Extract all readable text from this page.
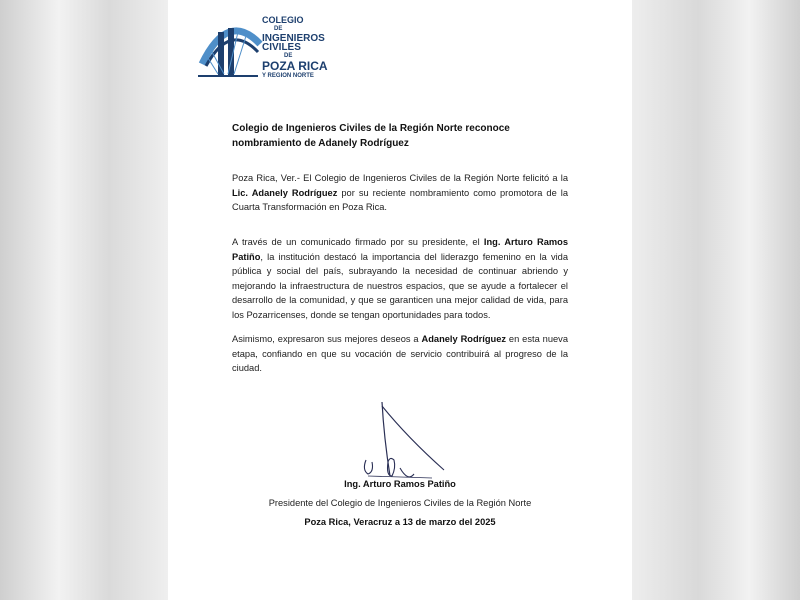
COLEGIO
DE
INGENIEROS
CIVILES
DE
POZA RICA
Y REGION NORTE
Colegio de Ingenieros Civiles de la Región Norte reconoce nombramiento de Adanely Rodríguez
Poza Rica, Ver.- El Colegio de Ingenieros Civiles de la Región Norte felicitó a la Lic. Adanely Rodríguez por su reciente nombramiento como promotora de la Cuarta Transformación en Poza Rica.
A través de un comunicado firmado por su presidente, el Ing. Arturo Ramos Patiño, la institución destacó la importancia del liderazgo femenino en la vida pública y social del país, subrayando la necesidad de continuar abriendo y mejorando la infraestructura de nuestros espacios, que se ayude a fortalecer el desarrollo de la comunidad, y que se garanticen una mejor calidad de vida, para los Pozarricenses, donde se tengan oportunidades para todos.
Asimismo, expresaron sus mejores deseos a Adanely Rodríguez en esta nueva etapa, confiando en que su vocación de servicio contribuirá al progreso de la ciudad.
Ing. Arturo Ramos Patiño
Presidente del Colegio de Ingenieros Civiles de la Región Norte
Poza Rica, Veracruz a 13 de marzo del 2025
